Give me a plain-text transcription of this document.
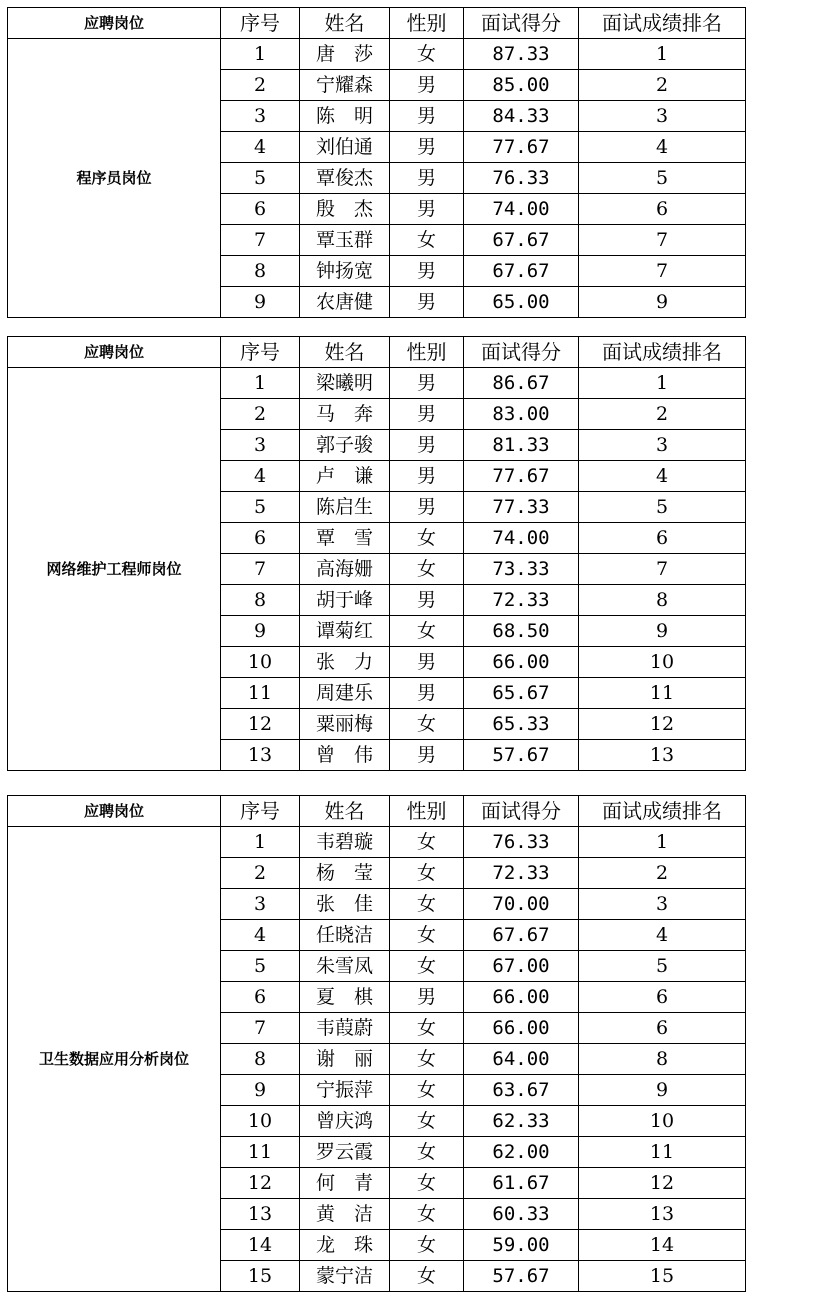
应聘岗位	序号	姓名	性别	面试得分	面试成绩排名
程序员岗位	1	唐　莎	女	87.33	1
	2	宁耀森	男	85.00	2
	3	陈　明	男	84.33	3
	4	刘伯通	男	77.67	4
	5	覃俊杰	男	76.33	5
	6	殷　杰	男	74.00	6
	7	覃玉群	女	67.67	7
	8	钟扬宽	男	67.67	7
	9	农唐健	男	65.00	9

应聘岗位	序号	姓名	性别	面试得分	面试成绩排名
网络维护工程师岗位	1	梁曦明	男	86.67	1
	2	马　奔	男	83.00	2
	3	郭子骏	男	81.33	3
	4	卢　谦	男	77.67	4
	5	陈启生	男	77.33	5
	6	覃　雪	女	74.00	6
	7	高海姗	女	73.33	7
	8	胡于峰	男	72.33	8
	9	谭菊红	女	68.50	9
	10	张　力	男	66.00	10
	11	周建乐	男	65.67	11
	12	粟丽梅	女	65.33	12
	13	曾　伟	男	57.67	13

应聘岗位	序号	姓名	性别	面试得分	面试成绩排名
卫生数据应用分析岗位	1	韦碧璇	女	76.33	1
	2	杨　莹	女	72.33	2
	3	张　佳	女	70.00	3
	4	任晓洁	女	67.67	4
	5	朱雪凤	女	67.00	5
	6	夏　棋	男	66.00	6
	7	韦葭蔚	女	66.00	6
	8	谢　丽	女	64.00	8
	9	宁振萍	女	63.67	9
	10	曾庆鸿	女	62.33	10
	11	罗云霞	女	62.00	11
	12	何　青	女	61.67	12
	13	黄　洁	女	60.33	13
	14	龙　珠	女	59.00	14
	15	蒙宁洁	女	57.67	15
